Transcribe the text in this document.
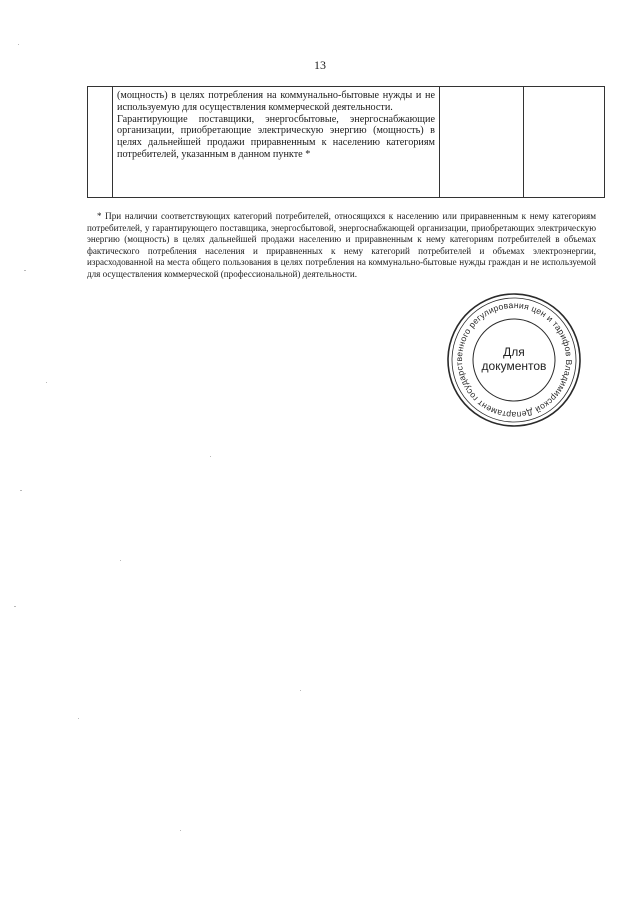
13

(мощность) в целях потребления на коммунально-бытовые нужды и не используемую для осуществления коммерческой деятельности.

Гарантирующие поставщики, энергосбытовые, энергоснабжающие организации, приобретающие электрическую энергию (мощность) в целях дальнейшей продажи приравненным к населению категориям потребителей, указанным в данном пункте *

* При наличии соответствующих категорий потребителей, относящихся к населению или приравненным к нему категориям потребителей, у гарантирующего поставщика, энергосбытовой, энергоснабжающей организации, приобретающих электрическую энергию (мощность) в целях дальнейшей продажи населению и приравненным к нему категориям потребителей в объемах фактического потребления населения и приравненных к нему категорий потребителей и объемах электроэнергии, израсходованной на места общего пользования в целях потребления на коммунально-бытовые нужды граждан и не используемой для осуществления коммерческой (профессиональной) деятельности.

Департамент государственного регулирования цен и тарифов Владимирской
Для
документов
